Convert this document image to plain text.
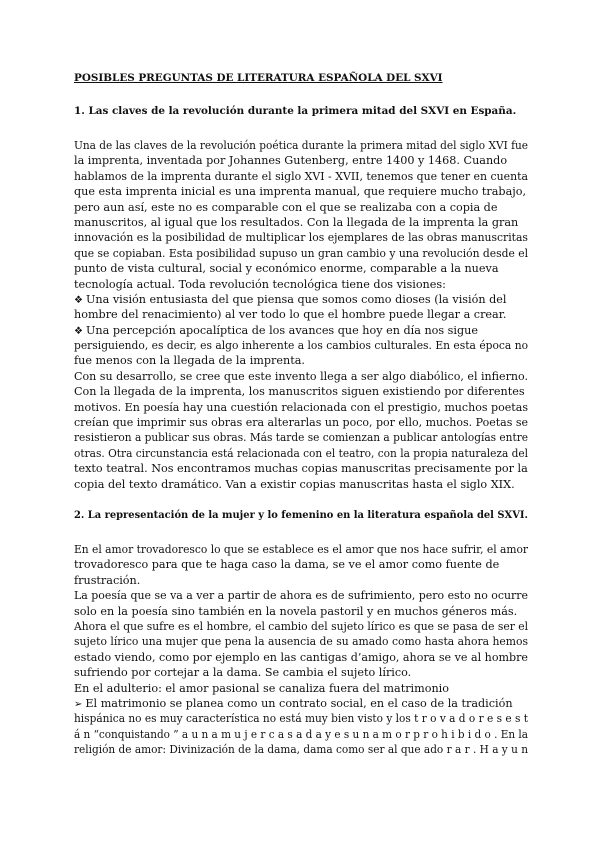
POSIBLES PREGUNTAS DE LITERATURA ESPAÑOLA DEL SXVI
1. Las claves de la revolución durante la primera mitad del SXVI en España.
Una de las claves de la revolución poética durante la primera mitad del siglo XVI fue
la imprenta, inventada por Johannes Gutenberg, entre 1400 y 1468. Cuando
hablamos de la imprenta durante el siglo XVI - XVII, tenemos que tener en cuenta
que esta imprenta inicial es una imprenta manual, que requiere mucho trabajo,
pero aun así, este no es comparable con el que se realizaba con a copia de
manuscritos, al igual que los resultados. Con la llegada de la imprenta la gran
innovación es la posibilidad de multiplicar los ejemplares de las obras manuscritas
que se copiaban. Esta posibilidad supuso un gran cambio y una revolución desde el
punto de vista cultural, social y económico enorme, comparable a la nueva
tecnología actual. Toda revolución tecnológica tiene dos visiones:
❖ Una visión entusiasta del que piensa que somos como dioses (la visión del
hombre del renacimiento) al ver todo lo que el hombre puede llegar a crear.
❖ Una percepción apocalíptica de los avances que hoy en día nos sigue
persiguiendo, es decir, es algo inherente a los cambios culturales. En esta época no
fue menos con la llegada de la imprenta.
Con su desarrollo, se cree que este invento llega a ser algo diabólico, el infierno.
Con la llegada de la imprenta, los manuscritos siguen existiendo por diferentes
motivos. En poesía hay una cuestión relacionada con el prestigio, muchos poetas
creían que imprimir sus obras era alterarlas un poco, por ello, muchos. Poetas se
resistieron a publicar sus obras. Más tarde se comienzan a publicar antologías entre
otras. Otra circunstancia está relacionada con el teatro, con la propia naturaleza del
texto teatral. Nos encontramos muchas copias manuscritas precisamente por la
copia del texto dramático. Van a existir copias manuscritas hasta el siglo XIX.
2. La representación de la mujer y lo femenino en la literatura española del SXVI.
En el amor trovadoresco lo que se establece es el amor que nos hace sufrir, el amor
trovadoresco para que te haga caso la dama, se ve el amor como fuente de
frustración.
La poesía que se va a ver a partir de ahora es de sufrimiento, pero esto no ocurre
solo en la poesía sino también en la novela pastoril y en muchos géneros más.
Ahora el que sufre es el hombre, el cambio del sujeto lírico es que se pasa de ser el
sujeto lírico una mujer que pena la ausencia de su amado como hasta ahora hemos
estado viendo, como por ejemplo en las cantigas d’amigo, ahora se ve al hombre
sufriendo por cortejar a la dama. Se cambia el sujeto lírico.
En el adulterio: el amor pasional se canaliza fuera del matrimonio
➢ El matrimonio se planea como un contrato social, en el caso de la tradición
hispánica no es muy característica no está muy bien visto y los t r o v a d o r e s e s t
á n “conquistando ” a u n a m u j e r c a s a d a y e s u n a m o r p r o h i b i d o . En la
religión de amor: Divinización de la dama, dama como ser al que ado r a r . H a y u n
